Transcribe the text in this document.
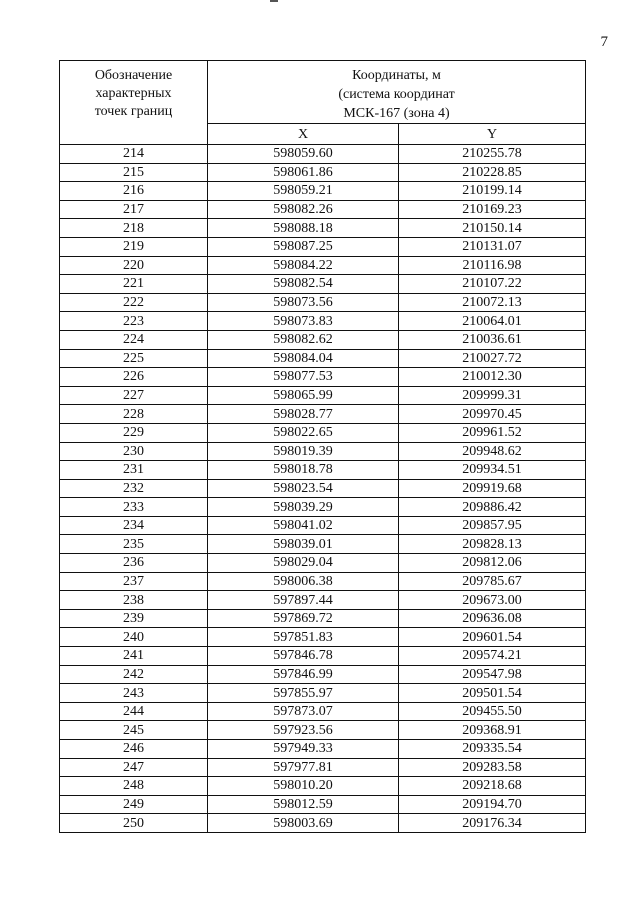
7
Обозначение
характерных
точек границ	Координаты, м
(система координат
МСК-167 (зона 4)	

	X	Y
214	598059.60	210255.78
215	598061.86	210228.85
216	598059.21	210199.14
217	598082.26	210169.23
218	598088.18	210150.14
219	598087.25	210131.07
220	598084.22	210116.98
221	598082.54	210107.22
222	598073.56	210072.13
223	598073.83	210064.01
224	598082.62	210036.61
225	598084.04	210027.72
226	598077.53	210012.30
227	598065.99	209999.31
228	598028.77	209970.45
229	598022.65	209961.52
230	598019.39	209948.62
231	598018.78	209934.51
232	598023.54	209919.68
233	598039.29	209886.42
234	598041.02	209857.95
235	598039.01	209828.13
236	598029.04	209812.06
237	598006.38	209785.67
238	597897.44	209673.00
239	597869.72	209636.08
240	597851.83	209601.54
241	597846.78	209574.21
242	597846.99	209547.98
243	597855.97	209501.54
244	597873.07	209455.50
245	597923.56	209368.91
246	597949.33	209335.54
247	597977.81	209283.58
248	598010.20	209218.68
249	598012.59	209194.70
250	598003.69	209176.34
